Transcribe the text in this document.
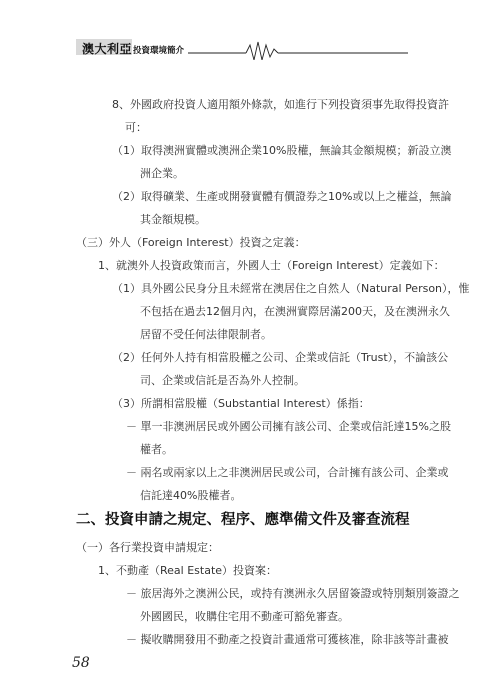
澳大利亞投資環境簡介
8、外國政府投資人適用額外條款，如進行下列投資須事先取得投資許
可：
（1）取得澳洲實體或澳洲企業10%股權，無論其金額規模；新設立澳
洲企業。
（2）取得礦業、生產或開發實體有價證券之10%或以上之權益，無論
其金額規模。
（三）外人（Foreign Interest）投資之定義：
1、就澳外人投資政策而言，外國人士（Foreign Interest）定義如下：
（1）具外國公民身分且未經常在澳居住之自然人（Natural Person），惟
不包括在過去12個月內，在澳洲實際居滿200天，及在澳洲永久
居留不受任何法律限制者。
（2）任何外人持有相當股權之公司、企業或信託（Trust），不論該公
司、企業或信託是否為外人控制。
（3）所謂相當股權（Substantial Interest）係指：
－ 單一非澳洲居民或外國公司擁有該公司、企業或信託達15%之股
權者。
－ 兩名或兩家以上之非澳洲居民或公司，合計擁有該公司、企業或
信託達40%股權者。
二、投資申請之規定、程序、應準備文件及審查流程
（一）各行業投資申請規定：
1、不動產（Real Estate）投資案：
－ 旅居海外之澳洲公民，或持有澳洲永久居留簽證或特別類別簽證之
外國國民，收購住宅用不動產可豁免審查。
－ 擬收購開發用不動產之投資計畫通常可獲核准，除非該等計畫被
58
